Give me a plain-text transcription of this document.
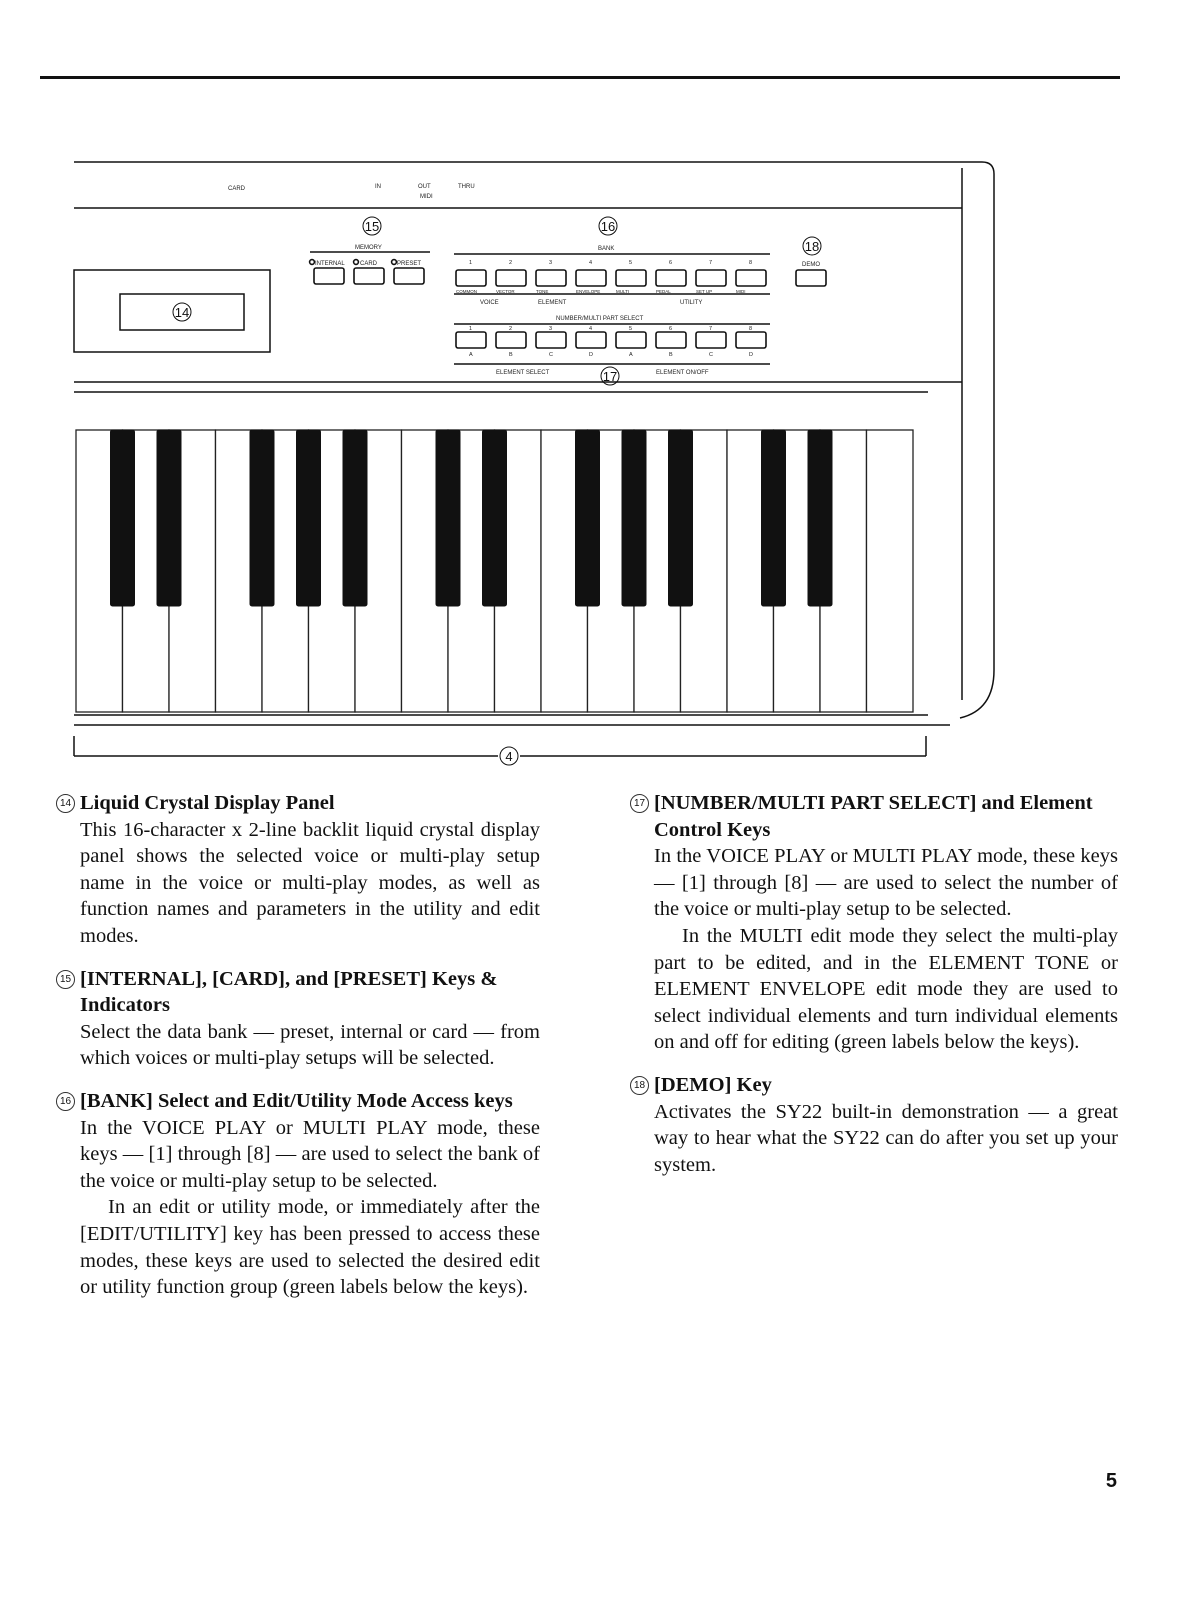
CARD	IN	OUT	THRU
MIDI
MEMORY
INTERNAL	CARD	PRESET
BANK
VOICE	ELEMENT	UTILITY
NUMBER/MULTI PART SELECT
ELEMENT SELECT	ELEMENT ON/OFF
DEMO
1
COMMON
2
VECTOR
3
TONE
4
ENVELOPE
5
MULTI
6
PEDAL
7
SET UP
8
MIDI
1
A
2
B
3
C
4
D
5
A
6
B
7
C
8
D
15	16
18
14
17
4
14 Liquid Crystal Display Panel

This 16-character x 2-line backlit liquid crystal display panel shows the selected voice or multi-play setup name in the voice or multi-play modes, as well as function names and parameters in the utility and edit modes.

15 [INTERNAL], [CARD], and [PRESET] Keys & Indicators

Select the data bank — preset, internal or card — from which voices or multi-play setups will be selected.

16 [BANK] Select and Edit/Utility Mode Access keys

In the VOICE PLAY or MULTI PLAY mode, these keys — [1] through [8] — are used to select the bank of the voice or multi-play setup to be selected.

In an edit or utility mode, or immediately after the [EDIT/UTILITY] key has been pressed to access these modes, these keys are used to selected the desired edit or utility function group (green labels below the keys).

17 [NUMBER/MULTI PART SELECT] and Element Control Keys

In the VOICE PLAY or MULTI PLAY mode, these keys — [1] through [8] — are used to select the number of the voice or multi-play setup to be selected.

In the MULTI edit mode they select the multi-play part to be edited, and in the ELEMENT TONE or ELEMENT ENVELOPE edit mode they are used to select individual elements and turn individual elements on and off for editing (green labels below the keys).

18 [DEMO] Key

Activates the SY22 built-in demonstration — a great way to hear what the SY22 can do after you set up your system.

5
